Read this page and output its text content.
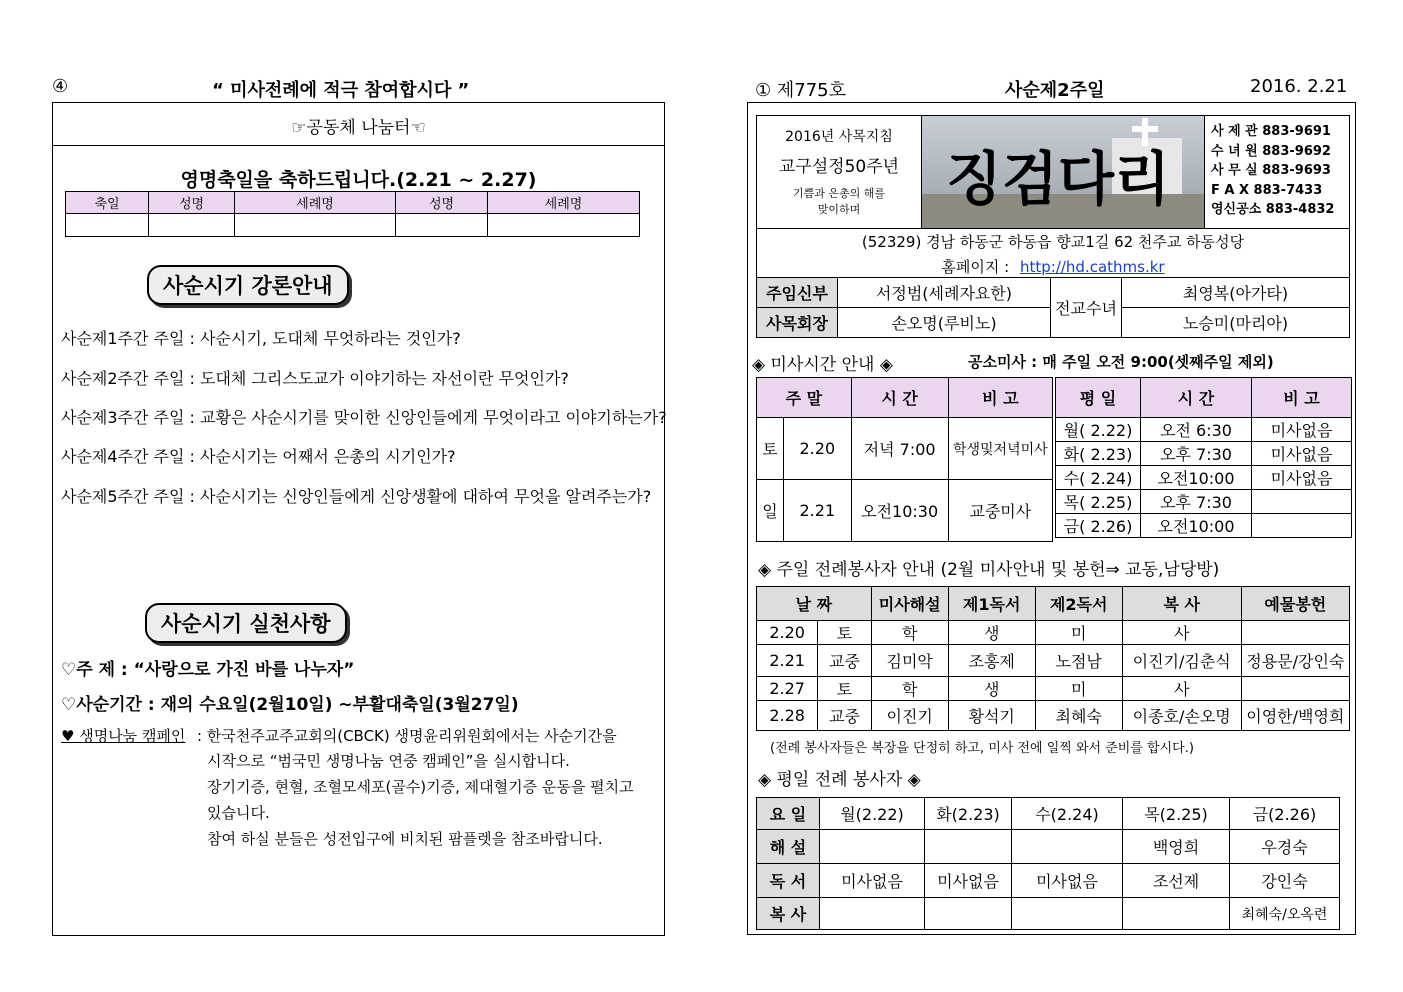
④	“ 미사전례에 적극 참여합시다 ”
☞공동체 나눔터☜
영명축일을 축하드립니다.(2.21 ~ 2.27)
축일	성명	세례명	성명	세례명

사순시기 강론안내
사순제1주간 주일 : 사순시기, 도대체 무엇하라는 것인가?
사순제2주간 주일 : 도대체 그리스도교가 이야기하는 자선이란 무엇인가?
사순제3주간 주일 : 교황은 사순시기를 맞이한 신앙인들에게 무엇이라고 이야기하는가?
사순제4주간 주일 : 사순시기는 어째서 은총의 시기인가?
사순제5주간 주일 : 사순시기는 신앙인들에게 신앙생활에 대하여 무엇을 알려주는가?
사순시기 실천사항
♡주 제 : “사랑으로 가진 바를 나누자”
♡사순기간 : 재의 수요일(2월10일) ~부활대축일(3월27일)
♥ 생명나눔 캠페인 : 한국천주교주교회의(CBCK) 생명윤리위원회에서는 사순기간을
시작으로 “범국민 생명나눔 연중 캠페인”을 실시합니다.
장기기증, 현혈, 조혈모세포(골수)기증, 제대혈기증 운동을 펼치고
있습니다.
참여 하실 분들은 성전입구에 비치된 팜플렛을 참조바랍니다.
① 제775호	사순제2주일	2016. 2.21
2016년 사목지침
교구설정50주년
기쁨과 은총의 해를
맞이하며	징검다리
사 제 관 883-9691
수 녀 원 883-9692
사 무 실 883-9693
F A X 883-7433
영신공소 883-4832
(52329) 경남 하동군 하동읍 향교1길 62 천주교 하동성당
홈페이지 : http://hd.cathms.kr
주임신부	서정범(세례자요한)	전교수녀	최영복(아가타)
사목회장	손오명(루비노)		노승미(마리아)
◈ 미사시간 안내 ◈	공소미사 : 매 주일 오전 9:00(셋째주일 제외)
주 말		시 간	비 고
토	2.20	저녁 7:00	학생및저녁미사
일	2.21	오전10:30	교중미사
평 일	시 간	비 고
월( 2.22)	오전 6:30	미사없음
화( 2.23)	오후 7:30	미사없음
수( 2.24)	오전10:00	미사없음
목( 2.25)	오후 7:30	
금( 2.26)	오전10:00	
◈ 주일 전례봉사자 안내 (2월 미사안내 및 봉헌⇒ 교동,남당방)
날 짜		미사해설	제1독서	제2독서	복 사	예물봉헌
2.20	토	학	생	미	사	
2.21	교중	김미악	조홍제	노점남	이진기/김춘식	정용문/강인숙
2.27	토	학	생	미	사	
2.28	교중	이진기	황석기	최혜숙	이종호/손오명	이영한/백영희
(전례 봉사자들은 복장을 단정히 하고, 미사 전에 일찍 와서 준비를 합시다.)
◈ 평일 전례 봉사자 ◈
요 일	월(2.22)	화(2.23)	수(2.24)	목(2.25)	금(2.26)
해 설				백영희	우경숙
독 서	미사없음	미사없음	미사없음	조선제	강인숙
복 사					최혜숙/오옥련
